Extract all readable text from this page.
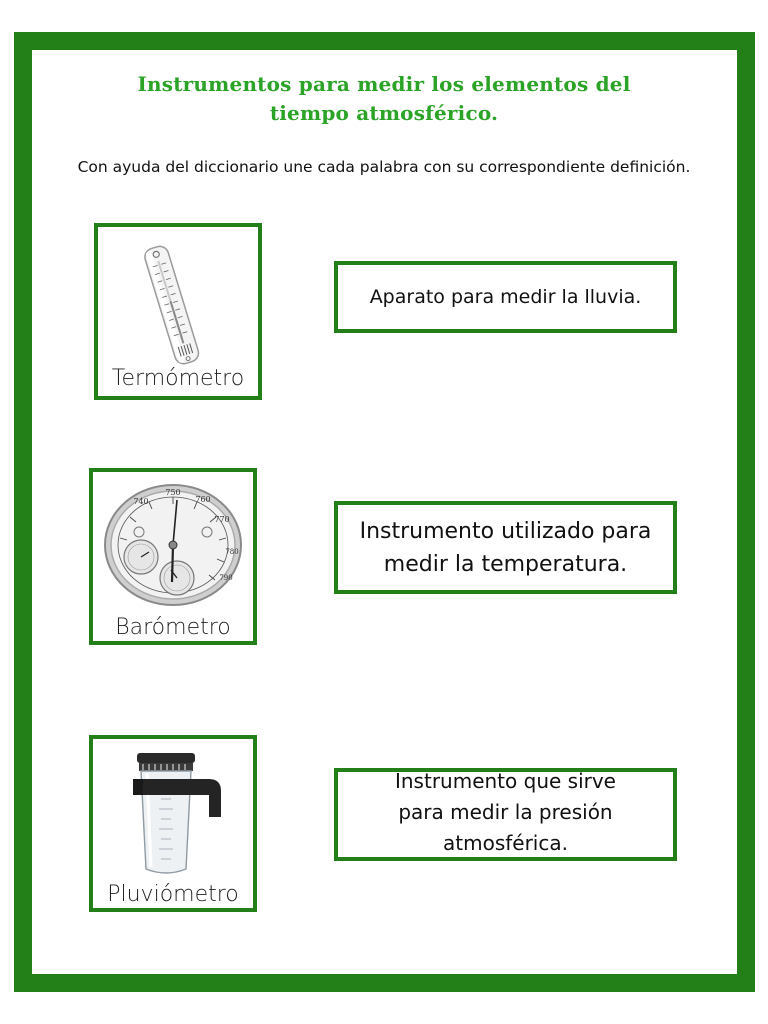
Instrumentos para medir los elementos del
tiempo atmosférico.
Con ayuda del diccionario une cada palabra con su correspondiente definición.
Termómetro
740
750
760
770
780
790
Barómetro
Pluviómetro
Aparato para medir la lluvia.
Instrumento utilizado para
medir la temperatura.
Instrumento que sirve
para medir la presión
atmosférica.
